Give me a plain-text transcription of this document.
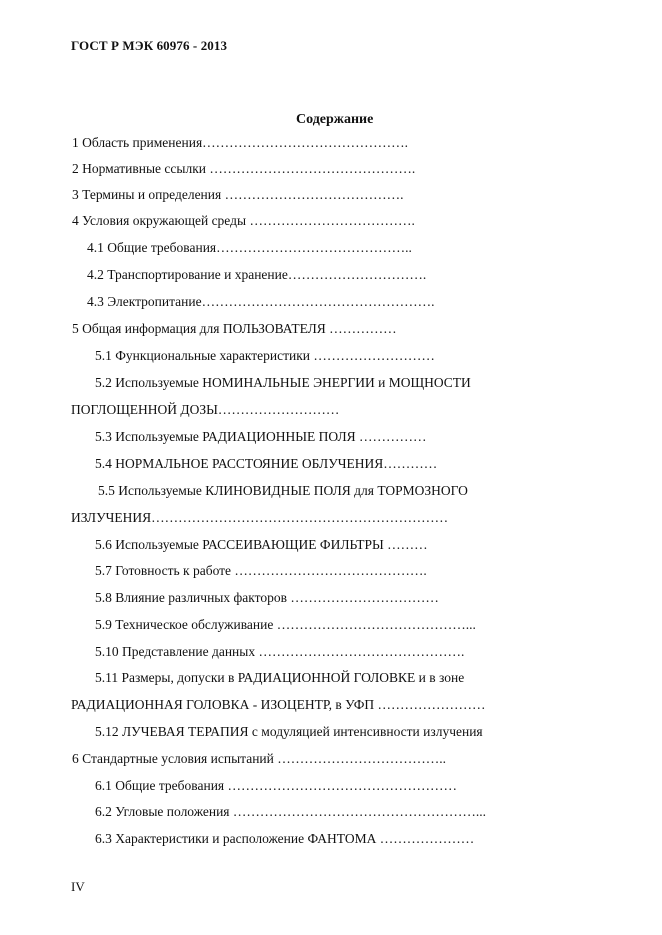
ГОСТ Р МЭК 60976 - 2013
Содержание
1 Область применения……………………………………….
2 Нормативные ссылки ……………………………………….
3 Термины и определения ………………………………….
4 Условия окружающей среды ……………………………….
4.1 Общие требования……………………………………..
4.2 Транспортирование и хранение………………………….
4.3 Электропитание…………………………………………….
5 Общая информация для ПОЛЬЗОВАТЕЛЯ ……………
5.1 Функциональные характеристики ………………………
5.2 Используемые НОМИНАЛЬНЫЕ ЭНЕРГИИ и МОЩНОСТИ
ПОГЛОЩЕННОЙ ДОЗЫ………………………
5.3 Используемые РАДИАЦИОННЫЕ ПОЛЯ ……………
5.4 НОРМАЛЬНОЕ РАССТОЯНИЕ ОБЛУЧЕНИЯ…………
5.5 Используемые КЛИНОВИДНЫЕ ПОЛЯ для ТОРМОЗНОГО
ИЗЛУЧЕНИЯ…………………………………………………………
5.6 Используемые РАССЕИВАЮЩИЕ ФИЛЬТРЫ ………
5.7 Готовность к работе …………………………………….
5.8 Влияние различных факторов ……………………………
5.9 Техническое обслуживание ……………………………………...
5.10 Представление данных ……………………………………….
5.11 Размеры, допуски в РАДИАЦИОННОЙ ГОЛОВКЕ и в зоне
РАДИАЦИОННАЯ ГОЛОВКА - ИЗОЦЕНТР, в УФП ……………………
5.12 ЛУЧЕВАЯ ТЕРАПИЯ с модуляцией интенсивности излучения
6 Стандартные условия испытаний ………………………………..
6.1 Общие требования ……………………………………………
6.2 Угловые положения ………………………………………………...
6.3 Характеристики и расположение ФАНТОМА …………………
IV
